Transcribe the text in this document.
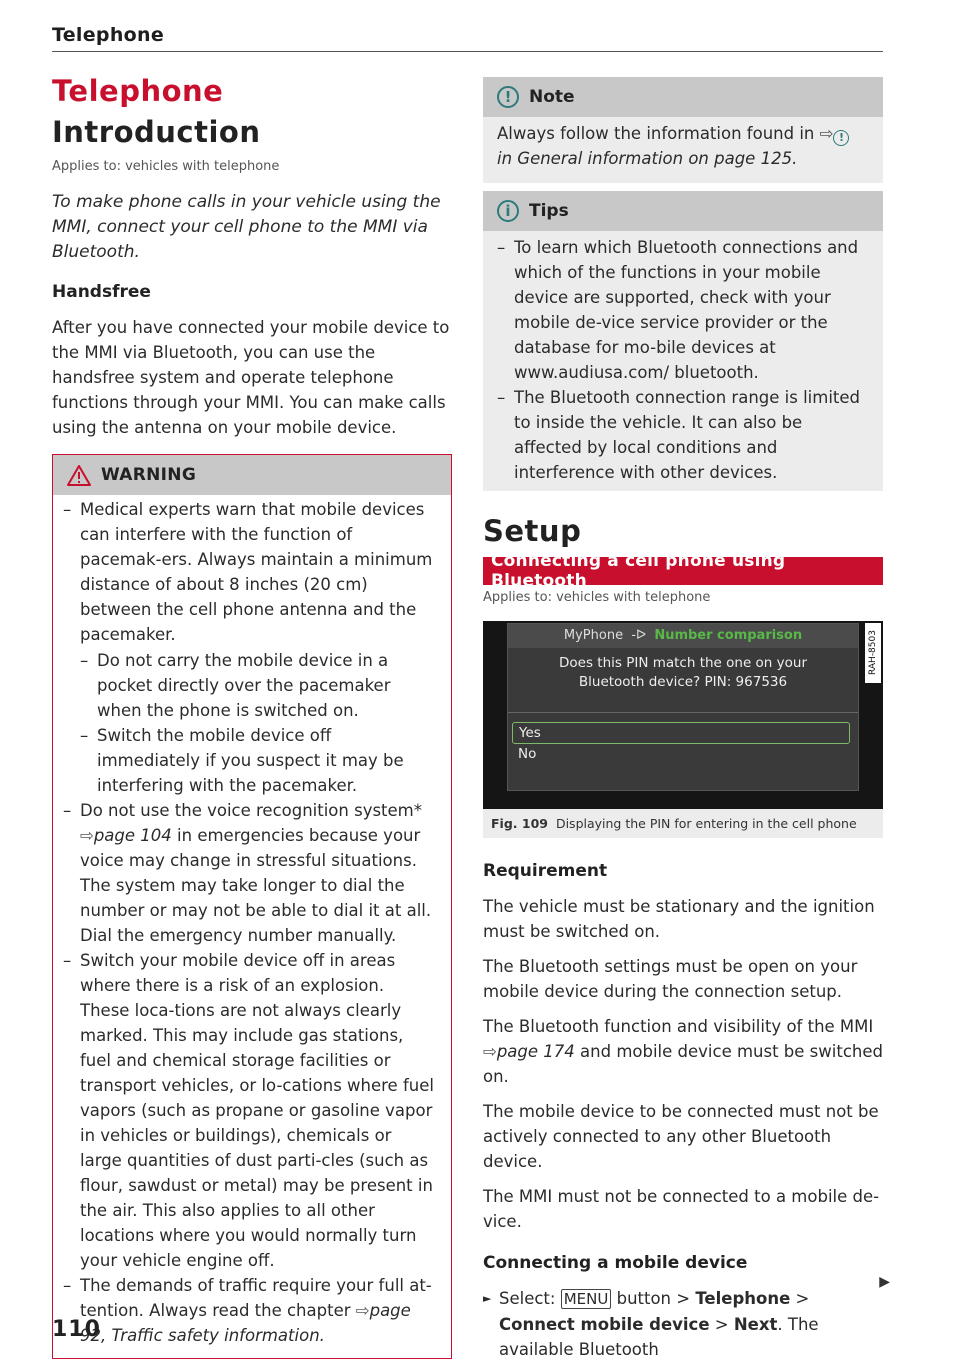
Telephone
Telephone
Introduction
Applies to: vehicles with telephone
To make phone calls in your vehicle using the MMI, connect your cell phone to the MMI via Bluetooth.
Handsfree

After you have connected your mobile device to the MMI via Bluetooth, you can use the handsfree system and operate telephone functions through your MMI. You can make calls using the antenna on your mobile device.

WARNING
– Medical experts warn that mobile devices can interfere with the function of pacemak-ers. Always maintain a minimum distance of about 8 inches (20 cm) between the cell phone antenna and the pacemaker.
– Do not carry the mobile device in a pocket directly over the pacemaker when the phone is switched on.
– Switch the mobile device off immediately if you suspect it may be interfering with the pacemaker.
– Do not use the voice recognition system*
⇨page 104 in emergencies because your voice may change in stressful situations. The system may take longer to dial the number or may not be able to dial it at all. Dial the emergency number manually.
– Switch your mobile device off in areas where there is a risk of an explosion. These loca-tions are not always clearly marked. This may include gas stations, fuel and chemical storage facilities or transport vehicles, or lo-cations where fuel vapors (such as propane or gasoline vapor in vehicles or buildings), chemicals or large quantities of dust parti-cles (such as flour, sawdust or metal) may be present in the air. This also applies to all other locations where you would normally turn your vehicle engine off.
– The demands of traffic require your full at-tention. Always read the chapter ⇨page 92, Traffic safety information.
110
!	Note
Always follow the information found in ⇨ ! in General information on page 125.
i	Tips
– To learn which Bluetooth connections and which of the functions in your mobile device are supported, check with your mobile de-vice service provider or the database for mo-bile devices at www.audiusa.com/ bluetooth.
– The Bluetooth connection range is limited to inside the vehicle. It can also be affected by local conditions and interference with other devices.
Setup
Connecting a cell phone using Bluetooth
Applies to: vehicles with telephone
MyPhone  -ᐅ  Number comparison
Does this PIN match the one on your
Bluetooth device? PIN: 967536
Yes
No
RAH-8503
Fig. 109 Displaying the PIN for entering in the cell phone
Requirement

The vehicle must be stationary and the ignition must be switched on.

The Bluetooth settings must be open on your mobile device during the connection setup.

The Bluetooth function and visibility of the MMI
⇨page 174 and mobile device must be switched on.

The mobile device to be connected must not be actively connected to any other Bluetooth device.

The MMI must not be connected to a mobile de-vice.

Connecting a mobile device
► Select: MENU button > Telephone > Connect mobile device > Next. The available Bluetooth
▶
